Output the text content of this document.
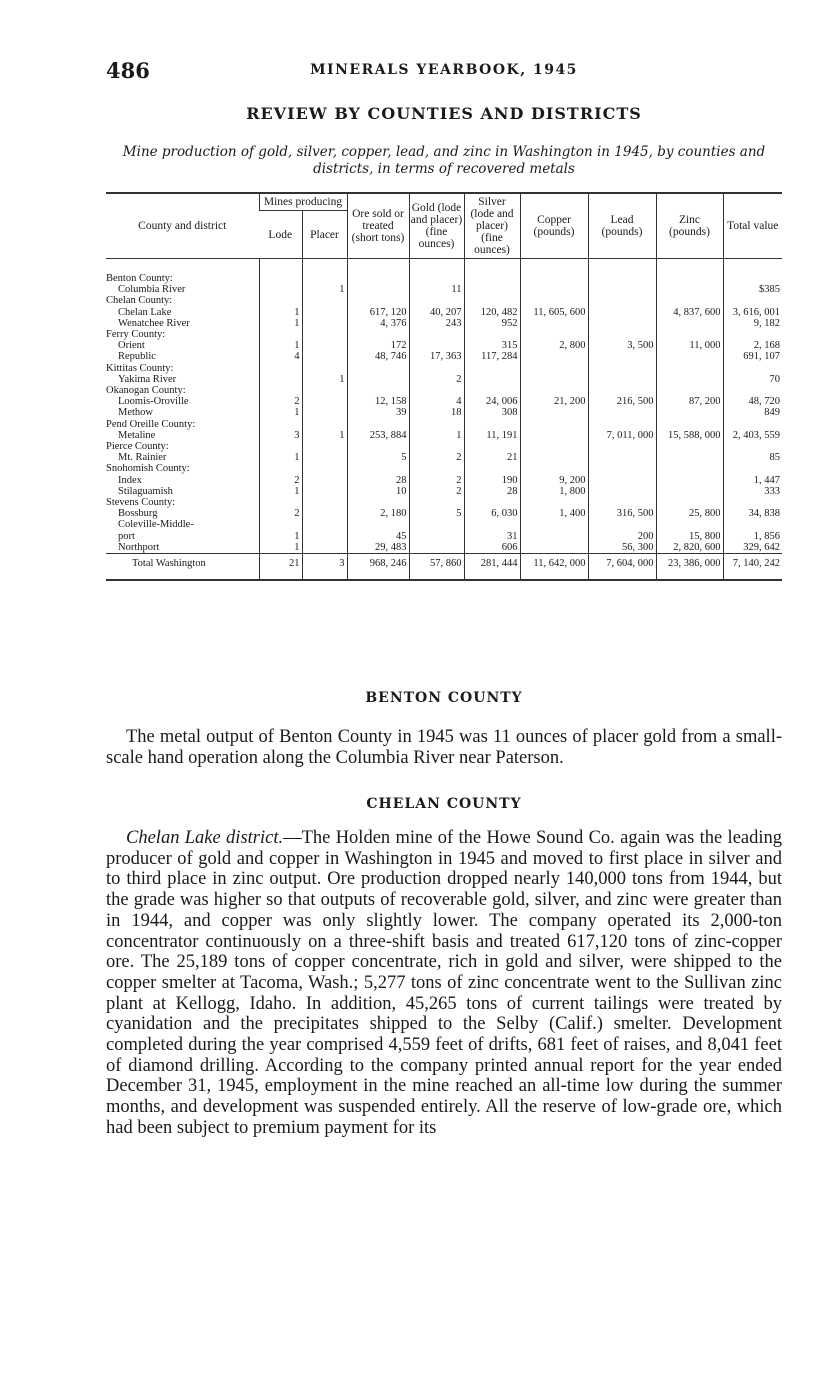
486	MINERALS YEARBOOK, 1945
REVIEW BY COUNTIES AND DISTRICTS
Mine production of gold, silver, copper, lead, and zinc in Washington in 1945, by counties and districts, in terms of recovered metals
County and district	Mines producing		Ore sold or treated (short tons)	Gold (lode and placer) (fine ounces)	Silver (lode and placer) (fine ounces)	Copper (pounds)	Lead (pounds)	Zinc (pounds)	Total value
	Lode	Placer							
Benton County:									
Columbia River		1		11					$385
Chelan County:									
Chelan Lake	1		617, 120	40, 207	120, 482	11, 605, 600		4, 837, 600	3, 616, 001
Wenatchee River	1		4, 376	243	952				9, 182
Ferry County:									
Orient	1		172		315	2, 800	3, 500	11, 000	2, 168
Republic	4		48, 746	17, 363	117, 284				691, 107
Kittitas County:									
Yakima River		1		2					70
Okanogan County:									
Loomis-Oroville	2		12, 158	4	24, 006	21, 200	216, 500	87, 200	48, 720
Methow	1		39	18	308				849
Pend Oreille County:									
Metaline	3	1	253, 884	1	11, 191		7, 011, 000	15, 588, 000	2, 403, 559
Pierce County:									
Mt. Rainier	1		5	2	21				85
Snohomish County:									
Index	2		28	2	190	9, 200			1, 447
Stilaguamish	1		10	2	28	1, 800			333
Stevens County:									
Bossburg	2		2, 180	5	6, 030	1, 400	316, 500	25, 800	34, 838
Coleville-Middle-									
port	1		45		31		200	15, 800	1, 856
Northport	1		29, 483		606		56, 300	2, 820, 600	329, 642
Total Washington	21	3	968, 246	57, 860	281, 444	11, 642, 000	7, 604, 000	23, 386, 000	7, 140, 242
BENTON COUNTY
The metal output of Benton County in 1945 was 11 ounces of placer gold from a small-scale hand operation along the Columbia River near Paterson.
CHELAN COUNTY
Chelan Lake district.—The Holden mine of the Howe Sound Co. again was the leading producer of gold and copper in Washington in 1945 and moved to first place in silver and to third place in zinc output. Ore production dropped nearly 140,000 tons from 1944, but the grade was higher so that outputs of recoverable gold, silver, and zinc were greater than in 1944, and copper was only slightly lower. The company operated its 2,000-ton concentrator continuously on a three-shift basis and treated 617,120 tons of zinc-copper ore. The 25,189 tons of copper concentrate, rich in gold and silver, were shipped to the copper smelter at Tacoma, Wash.; 5,277 tons of zinc concentrate went to the Sullivan zinc plant at Kellogg, Idaho. In addition, 45,265 tons of current tailings were treated by cyanidation and the precipitates shipped to the Selby (Calif.) smelter. Development completed during the year comprised 4,559 feet of drifts, 681 feet of raises, and 8,041 feet of diamond drilling. According to the company printed annual report for the year ended December 31, 1945, employment in the mine reached an all-time low during the summer months, and development was suspended entirely. All the reserve of low-grade ore, which had been subject to premium payment for its
